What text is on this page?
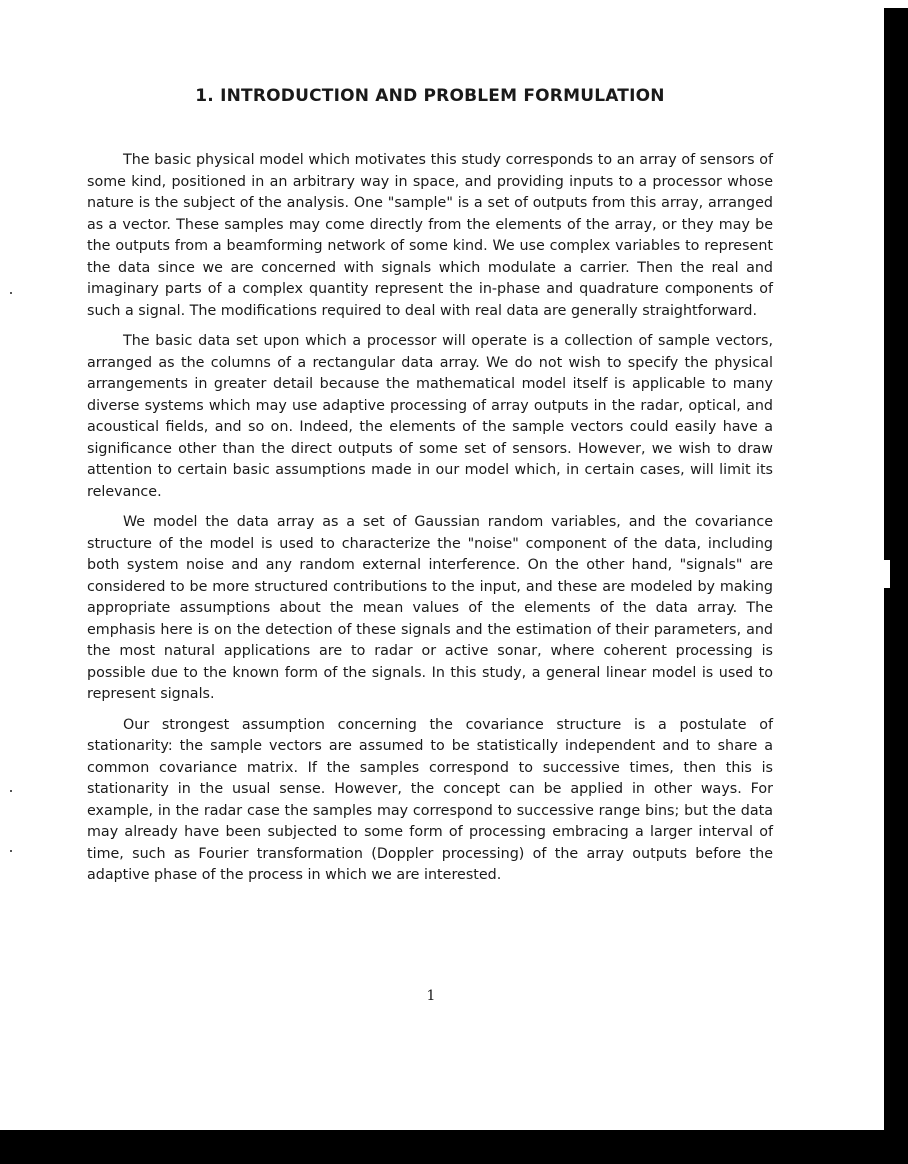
1. INTRODUCTION AND PROBLEM FORMULATION

The basic physical model which motivates this study corresponds to an array of sensors of some kind, positioned in an arbitrary way in space, and providing inputs to a processor whose nature is the subject of the analysis. One "sample" is a set of outputs from this array, arranged as a vector. These samples may come directly from the elements of the array, or they may be the outputs from a beamforming network of some kind. We use complex variables to represent the data since we are concerned with signals which modulate a carrier. Then the real and imaginary parts of a complex quantity represent the in-phase and quadrature components of such a signal. The modifications required to deal with real data are generally straightforward.

The basic data set upon which a processor will operate is a collection of sample vectors, arranged as the columns of a rectangular data array. We do not wish to specify the physical arrangements in greater detail because the mathematical model itself is applicable to many diverse systems which may use adaptive processing of array outputs in the radar, optical, and acoustical fields, and so on. Indeed, the elements of the sample vectors could easily have a significance other than the direct outputs of some set of sensors. However, we wish to draw attention to certain basic assumptions made in our model which, in certain cases, will limit its relevance.

We model the data array as a set of Gaussian random variables, and the covariance structure of the model is used to characterize the "noise" component of the data, including both system noise and any random external interference. On the other hand, "signals" are considered to be more structured contributions to the input, and these are modeled by making appropriate assumptions about the mean values of the elements of the data array. The emphasis here is on the detection of these signals and the estimation of their parameters, and the most natural applications are to radar or active sonar, where coherent processing is possible due to the known form of the signals. In this study, a general linear model is used to represent signals.

Our strongest assumption concerning the covariance structure is a postulate of stationarity: the sample vectors are assumed to be statistically independent and to share a common covariance matrix. If the samples correspond to successive times, then this is stationarity in the usual sense. However, the concept can be applied in other ways. For example, in the radar case the samples may correspond to successive range bins; but the data may already have been subjected to some form of processing embracing a larger interval of time, such as Fourier transformation (Doppler processing) of the array outputs before the adaptive phase of the process in which we are interested.

1
